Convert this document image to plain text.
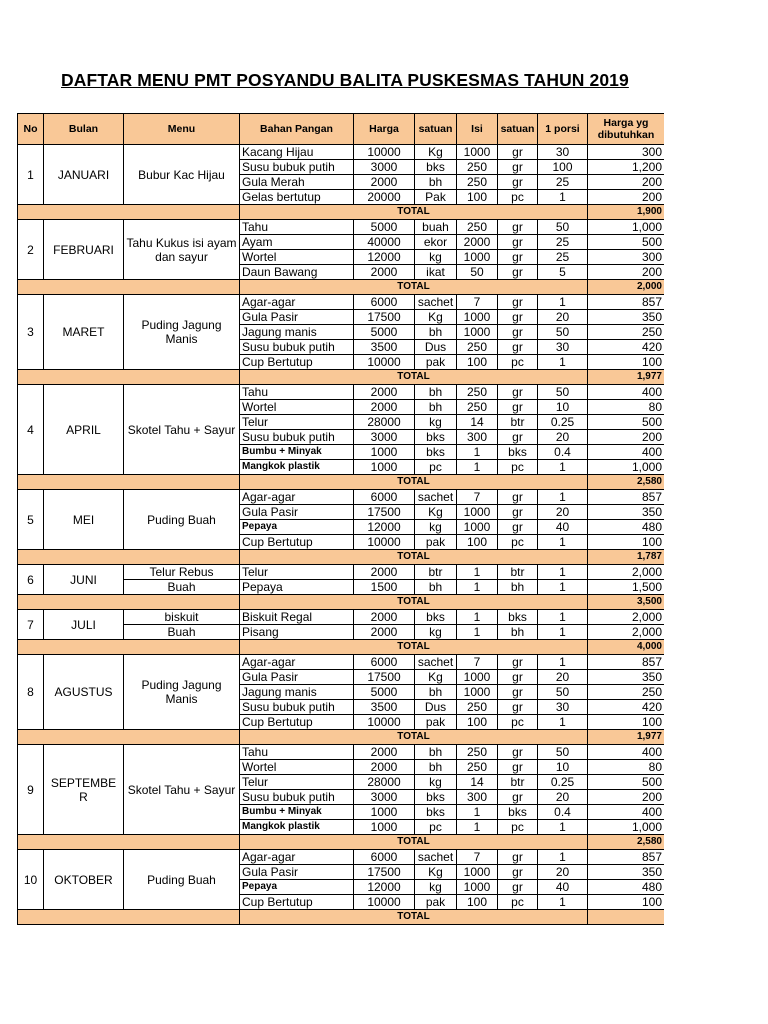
DAFTAR MENU PMT POSYANDU BALITA PUSKESMAS TAHUN 2019
No	Bulan	Menu	Bahan Pangan	Harga	satuan	Isi	satuan	1 porsi	Harga yg dibutuhkan
1	JANUARI	Bubur Kac Hijau	Kacang Hijau	10000	Kg	1000	gr	30	300
			Susu bubuk putih	3000	bks	250	gr	100	1,200
			Gula Merah	2000	bh	250	gr	25	200
			Gelas bertutup	20000	Pak	100	pc	1	200
			TOTAL						1,900
2	FEBRUARI	Tahu Kukus isi ayam dan sayur	Tahu	5000	buah	250	gr	50	1,000
			Ayam	40000	ekor	2000	gr	25	500
			Wortel	12000	kg	1000	gr	25	300
			Daun Bawang	2000	ikat	50	gr	5	200
			TOTAL						2,000
3	MARET	Puding Jagung Manis	Agar-agar	6000	sachet	7	gr	1	857
			Gula Pasir	17500	Kg	1000	gr	20	350
			Jagung manis	5000	bh	1000	gr	50	250
			Susu bubuk putih	3500	Dus	250	gr	30	420
			Cup Bertutup	10000	pak	100	pc	1	100
			TOTAL						1,977
4	APRIL	Skotel Tahu + Sayur	Tahu	2000	bh	250	gr	50	400
			Wortel	2000	bh	250	gr	10	80
			Telur	28000	kg	14	btr	0.25	500
			Susu bubuk putih	3000	bks	300	gr	20	200
			Bumbu + Minyak	1000	bks	1	bks	0.4	400
			Mangkok plastik	1000	pc	1	pc	1	1,000
			TOTAL						2,580
5	MEI	Puding Buah	Agar-agar	6000	sachet	7	gr	1	857
			Gula Pasir	17500	Kg	1000	gr	20	350
			Pepaya	12000	kg	1000	gr	40	480
			Cup Bertutup	10000	pak	100	pc	1	100
			TOTAL						1,787
6	JUNI	Telur Rebus	Telur	2000	btr	1	btr	1	2,000
		Buah	Pepaya	1500	bh	1	bh	1	1,500
			TOTAL						3,500
7	JULI	biskuit	Biskuit Regal	2000	bks	1	bks	1	2,000
		Buah	Pisang	2000	kg	1	bh	1	2,000
			TOTAL						4,000
8	AGUSTUS	Puding Jagung Manis	Agar-agar	6000	sachet	7	gr	1	857
			Gula Pasir	17500	Kg	1000	gr	20	350
			Jagung manis	5000	bh	1000	gr	50	250
			Susu bubuk putih	3500	Dus	250	gr	30	420
			Cup Bertutup	10000	pak	100	pc	1	100
			TOTAL						1,977
9	SEPTEMBE R	Skotel Tahu + Sayur	Tahu	2000	bh	250	gr	50	400
			Wortel	2000	bh	250	gr	10	80
			Telur	28000	kg	14	btr	0.25	500
			Susu bubuk putih	3000	bks	300	gr	20	200
			Bumbu + Minyak	1000	bks	1	bks	0.4	400
			Mangkok plastik	1000	pc	1	pc	1	1,000
			TOTAL						2,580
10	OKTOBER	Puding Buah	Agar-agar	6000	sachet	7	gr	1	857
			Gula Pasir	17500	Kg	1000	gr	20	350
			Pepaya	12000	kg	1000	gr	40	480
			Cup Bertutup	10000	pak	100	pc	1	100
			TOTAL						
